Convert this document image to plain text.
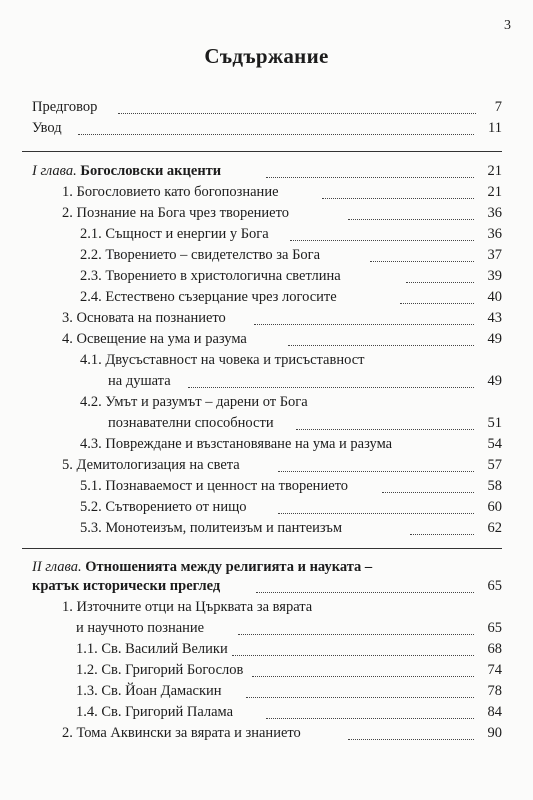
3
Съдържание
Предговор	7
Увод	11
I глава. Богословски акценти	21
1. Богословието като богопознание	21
2. Познание на Бога чрез творението	36
2.1. Същност и енергии у Бога	36
2.2. Творението – свидетелство за Бога	37
2.3. Творението в христологична светлина	39
2.4. Естествено съзерцание чрез логосите	40
3. Основата на познанието	43
4. Освещение на ума и разума	49
4.1. Двусъставност на човека и трисъставност
на душата	49
4.2. Умът и разумът – дарени от Бога
познавателни способности	51
4.3. Повреждане и възстановяване на ума и разума	54
5. Демитологизация на света	57
5.1. Познаваемост и ценност на творението	58
5.2. Сътворението от нищо	60
5.3. Монотеизъм, политеизъм и пантеизъм	62
II глава. Отношенията между религията и науката –
кратък исторически преглед	65
1. Източните отци на Църквата за вярата
и научното познание	65
1.1. Св. Василий Велики	68
1.2. Св. Григорий Богослов	74
1.3. Св. Йоан Дамаскин	78
1.4. Св. Григорий Палама	84
2. Тома Аквински за вярата и знанието	90
